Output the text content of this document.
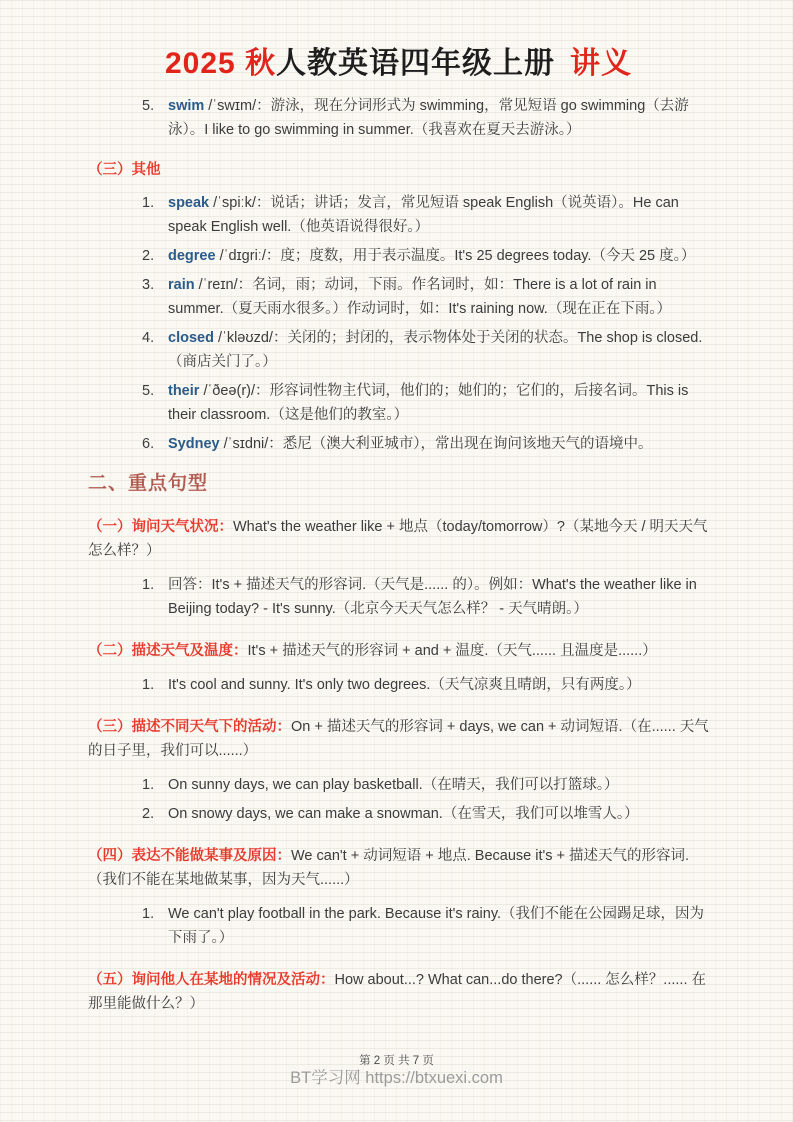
2025 秋人教英语四年级上册 讲义
5. swim /ˈswɪm/：游泳，现在分词形式为 swimming，常见短语 go swimming（去游泳）。I like to go swimming in summer.（我喜欢在夏天去游泳。）
（三）其他
1. speak /ˈspiːk/：说话；讲话；发言，常见短语 speak English（说英语）。He can speak English well.（他英语说得很好。）
2. degree /ˈdɪgriː/：度；度数，用于表示温度。It's 25 degrees today.（今天 25 度。）
3. rain /ˈreɪn/：名词，雨；动词，下雨。作名词时，如：There is a lot of rain in summer.（夏天雨水很多。）作动词时，如：It's raining now.（现在正在下雨。）
4. closed /ˈkləʊzd/：关闭的；封闭的，表示物体处于关闭的状态。The shop is closed.（商店关门了。）
5. their /ˈðeə(r)/：形容词性物主代词，他们的；她们的；它们的，后接名词。This is their classroom.（这是他们的教室。）
6. Sydney /ˈsɪdni/：悉尼（澳大利亚城市），常出现在询问该地天气的语境中。
二、重点句型

（一）询问天气状况：What's the weather like + 地点（today/tomorrow）?（某地今天 / 明天天气怎么样？）

1. 回答：It's + 描述天气的形容词.（天气是...... 的）。例如：What's the weather like in Beijing today? - It's sunny.（北京今天天气怎么样？ - 天气晴朗。）

（二）描述天气及温度：It's + 描述天气的形容词 + and + 温度.（天气...... 且温度是......）

1. It's cool and sunny. It's only two degrees.（天气凉爽且晴朗，只有两度。）

（三）描述不同天气下的活动：On + 描述天气的形容词 + days, we can + 动词短语.（在...... 天气的日子里，我们可以......）

1. On sunny days, we can play basketball.（在晴天，我们可以打篮球。）
2. On snowy days, we can make a snowman.（在雪天，我们可以堆雪人。）

（四）表达不能做某事及原因：We can't + 动词短语 + 地点. Because it's + 描述天气的形容词.（我们不能在某地做某事，因为天气......）

1. We can't play football in the park. Because it's rainy.（我们不能在公园踢足球，因为下雨了。）

（五）询问他人在某地的情况及活动：How about...? What can...do there?（...... 怎么样？...... 在那里能做什么？）

第 2 页 共 7 页
BT学习网 https://btxuexi.com
